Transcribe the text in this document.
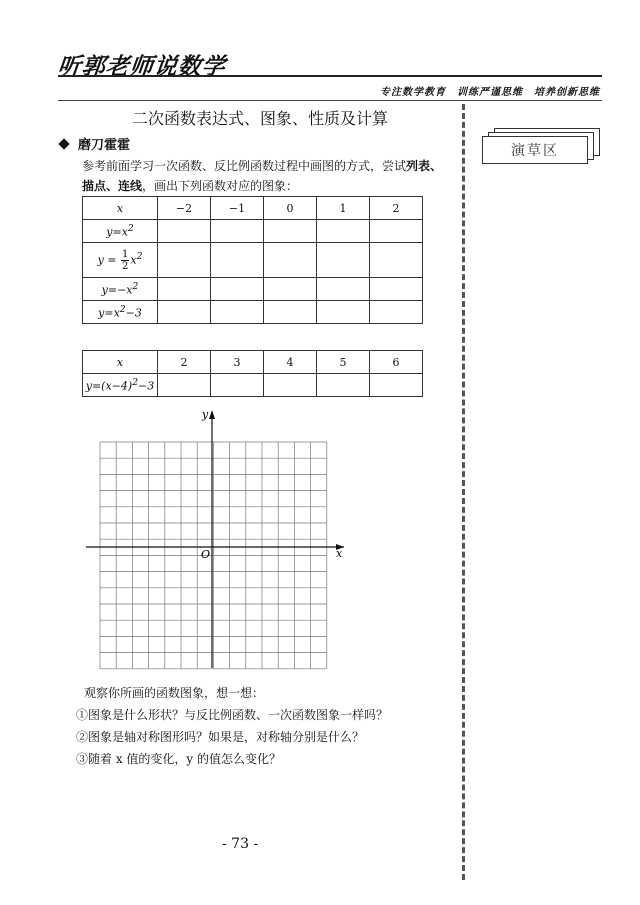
听郭老师说数学
专注数学教育　训练严谨思维　培养创新思维
二次函数表达式、图象、性质及计算
演草区
磨刀霍霍
参考前面学习一次函数、反比例函数过程中画图的方式，尝试列表、描点、连线，画出下列函数对应的图象：
x	−2	−1	0	1	2
$y=x^2$					
$y = \frac{1}{2} x^2$					
$y=-x^2$					
$y=x^2-3$					
x	2	3	4	5	6
$y=(x-4)^2-3$					
x
y
O
观察你所画的函数图象，想一想：
①图象是什么形状？与反比例函数、一次函数图象一样吗？
②图象是轴对称图形吗？如果是，对称轴分别是什么？
③随着 x 值的变化，y 的值怎么变化？
- 73 -
